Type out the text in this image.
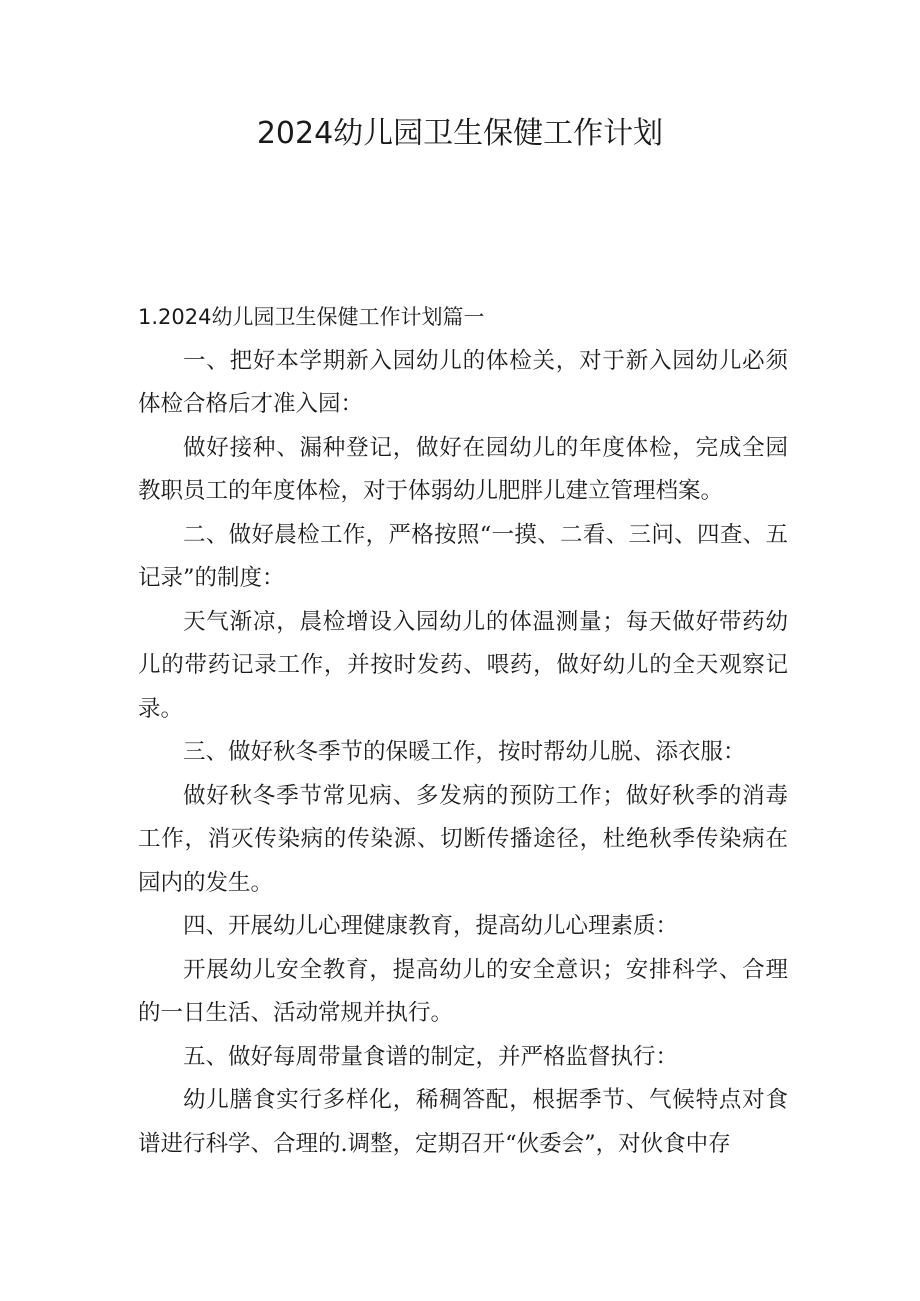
2024幼儿园卫生保健工作计划

1.2024幼儿园卫生保健工作计划篇一

一、把好本学期新入园幼儿的体检关，对于新入园幼儿必须体检合格后才准入园：

做好接种、漏种登记，做好在园幼儿的年度体检，完成全园教职员工的年度体检，对于体弱幼儿肥胖儿建立管理档案。

二、做好晨检工作，严格按照“一摸、二看、三问、四查、五记录”的制度：

天气渐凉，晨检增设入园幼儿的体温测量；每天做好带药幼儿的带药记录工作，并按时发药、喂药，做好幼儿的全天观察记录。

三、做好秋冬季节的保暖工作，按时帮幼儿脱、添衣服：

做好秋冬季节常见病、多发病的预防工作；做好秋季的消毒工作，消灭传染病的传染源、切断传播途径，杜绝秋季传染病在园内的发生。

四、开展幼儿心理健康教育，提高幼儿心理素质：

开展幼儿安全教育，提高幼儿的安全意识；安排科学、合理的一日生活、活动常规并执行。

五、做好每周带量食谱的制定，并严格监督执行：

幼儿膳食实行多样化，稀稠答配，根据季节、气候特点对食谱进行科学、合理的.调整，定期召开“伙委会”，对伙食中存
